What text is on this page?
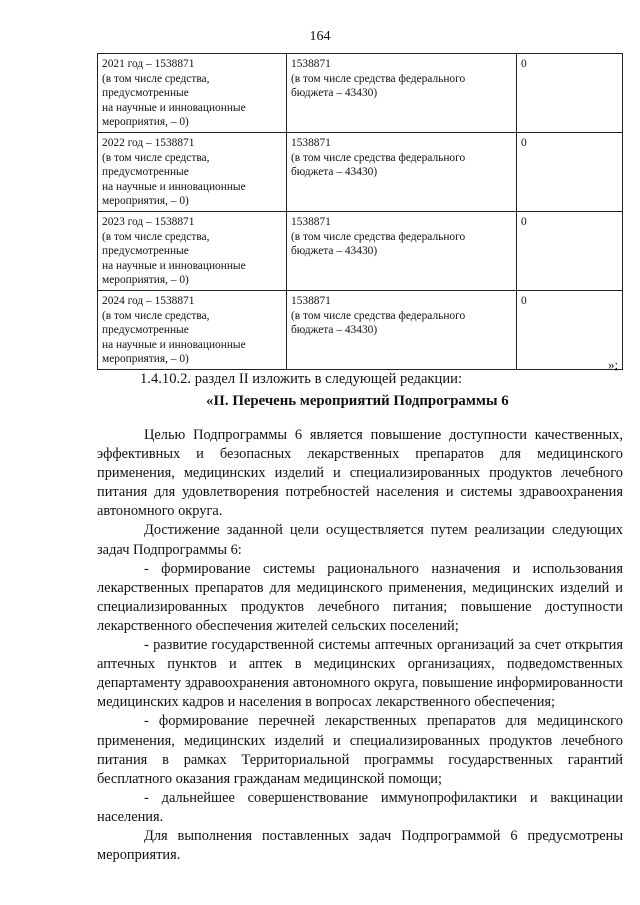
164
2021 год – 1538871
(в том числе средства,
предусмотренные
на научные и инновационные
мероприятия, – 0)	1538871
(в том числе средства федерального
бюджета – 43430)	0
2022 год – 1538871
(в том числе средства,
предусмотренные
на научные и инновационные
мероприятия, – 0)	1538871
(в том числе средства федерального
бюджета – 43430)	0
2023 год – 1538871
(в том числе средства,
предусмотренные
на научные и инновационные
мероприятия, – 0)	1538871
(в том числе средства федерального
бюджета – 43430)	0
2024 год – 1538871
(в том числе средства,
предусмотренные
на научные и инновационные
мероприятия, – 0)	1538871
(в том числе средства федерального
бюджета – 43430)	0
»;
1.4.10.2. раздел II изложить в следующей редакции:
«II. Перечень мероприятий Подпрограммы 6

Целью Подпрограммы 6 является повышение доступности качественных, эффективных и безопасных лекарственных препаратов для медицинского применения, медицинских изделий и специализированных продуктов лечебного питания для удовлетворения потребностей населения и системы здравоохранения автономного округа.

Достижение заданной цели осуществляется путем реализации следующих задач Подпрограммы 6:

- формирование системы рационального назначения и использования лекарственных препаратов для медицинского применения, медицинских изделий и специализированных продуктов лечебного питания; повышение доступности лекарственного обеспечения жителей сельских поселений;

- развитие государственной системы аптечных организаций за счет открытия аптечных пунктов и аптек в медицинских организациях, подведомственных департаменту здравоохранения автономного округа, повышение информированности медицинских кадров и населения в вопросах лекарственного обеспечения;

- формирование перечней лекарственных препаратов для медицинского применения, медицинских изделий и специализированных продуктов лечебного питания в рамках Территориальной программы государственных гарантий бесплатного оказания гражданам медицинской помощи;

- дальнейшее совершенствование иммунопрофилактики и вакцинации населения.

Для выполнения поставленных задач Подпрограммой 6 предусмотрены мероприятия.
